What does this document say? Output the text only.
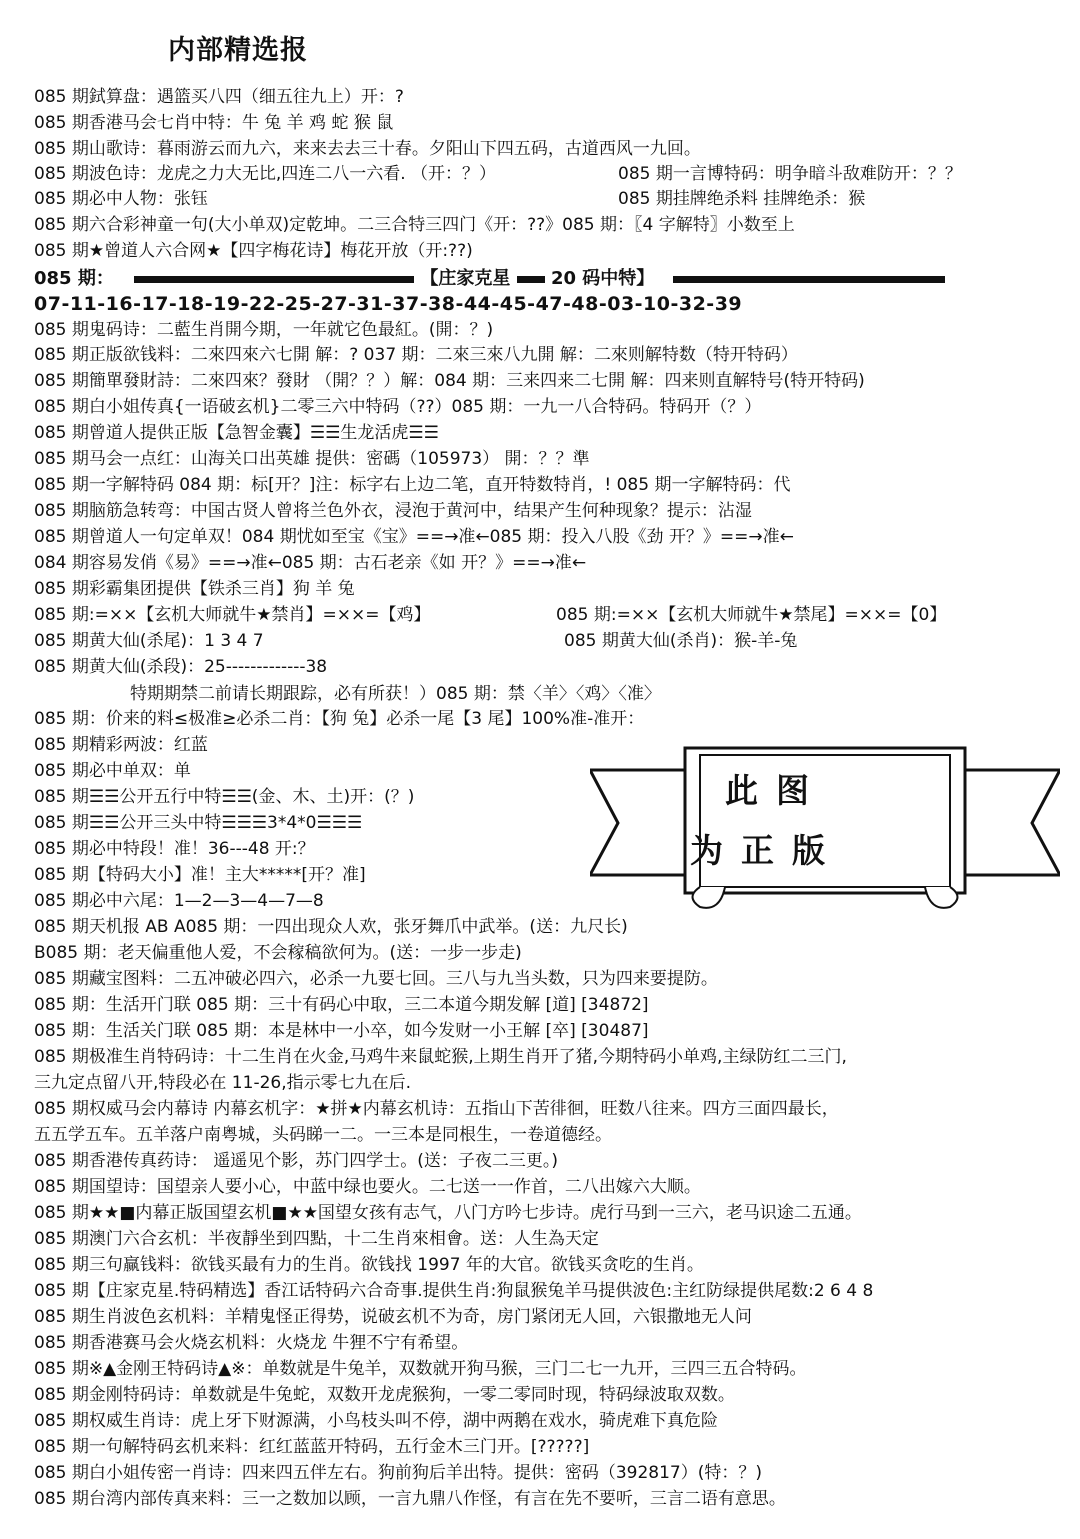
内部精选报
085 期鉽算盘：遇篮买八四（细五往九上）开：?
085 期香港马会七肖中特：牛 兔 羊 鸡 蛇 猴 鼠
085 期山歌诗：暮雨游云而九六，来来去去三十春。夕阳山下四五码，古道西风一九回。
085 期波色诗：龙虎之力大无比,四连二八一六看. （开：？）	085 期一言博特码：明争暗斗敌难防开：？？
085 期必中人物：张钰	085 期挂牌绝杀料 挂牌绝杀：猴
085 期六合彩神童一句(大小单双)定乾坤。二三合特三四门《开：??》085 期：〖4 字解特〗小数至上
085 期★曾道人六合网★【四字梅花诗】梅花开放（开:??)
085 期：	【庄家克星 20 码中特】
07-11-16-17-18-19-22-25-27-31-37-38-44-45-47-48-03-10-32-39
085 期鬼码诗：二藍生肖開今期，一年就它色最紅。(開：？)
085 期正版欲钱料：二來四來六七開 解：? 037 期：二來三來八九開 解：二來则解特数（特开特码）
085 期簡單發財詩：二來四來？發財 （開？？）解：084 期：三来四来二七開 解：四来则直解特号(特开特码)
085 期白小姐传真{一语破玄机}二零三六中特码（??）085 期：一九一八合特码。特码开（？）
085 期曾道人提供正版【急智金囊】☰☰生龙活虎☰☰
085 期马会一点红：山海关口出英雄 提供：密碼（105973） 開：？？準
085 期一字解特码 084 期：标[开？]注：标字右上边二笔，直开特数特肖，! 085 期一字解特码：代
085 期脑筋急转弯：中国古贤人曾将兰色外衣，浸泡于黄河中，结果产生何种现象？提示：沾湿
085 期曾道人一句定单双！084 期忧如至宝《宝》==→准←085 期：投入八股《劲 开？》==→准←
084 期容易发俏《易》==→准←085 期：古石老亲《如 开？》==→准←
085 期彩霸集团提供【铁杀三肖】狗 羊 兔
085 期:=××【玄机大师就牛★禁肖】=××=【鸡】	085 期:=××【玄机大师就牛★禁尾】=××=【0】
085 期黄大仙(杀尾)：1 3 4 7	085 期黄大仙(杀肖)：猴-羊-兔
085 期黄大仙(杀段)：25-------------38
特期期禁二前请长期跟踪，必有所获！）085 期：禁〈羊〉〈鸡〉〈准〉
085 期：价来的料≤极准≥必杀二肖：【狗 兔】必杀一尾【3 尾】100%准-准开：
085 期精彩两波：红蓝
085 期必中单双：单
085 期☰☰公开五行中特☰☰(金、木、土)开：(？)
085 期☰☰公开三头中特☰☰☰3*4*0☰☰☰
085 期必中特段！准！36---48 开:？
085 期【特码大小】准！主大*****[开？准]
085 期必中六尾：1—2—3—4—7—8
此图
为正版
085 期天机报 AB A085 期：一四出现众人欢，张牙舞爪中武举。(送：九尺长)
B085 期：老天偏重他人爱，不会稼稿欲何为。(送：一步一步走)
085 期藏宝图料：二五冲破必四六，必杀一九要七回。三八与九当头数，只为四来要提防。
085 期：生活开门联 085 期：三十有码心中取，三二本道今期发解 [道] [34872]
085 期：生活关门联 085 期：本是林中一小卒，如今发财一小王解 [卒] [30487]
085 期极准生肖特码诗：十二生肖在火金,马鸡牛来鼠蛇猴,上期生肖开了猪,今期特码小单鸡,主绿防红二三门,
三九定点留八开,特段必在 11-26,指示零七九在后.
085 期权威马会内幕诗 内幕玄机字：★拼★内幕玄机诗：五指山下苦徘徊，旺数八往来。四方三面四最长，
五五学五车。五羊落户南粤城，头码睇一二。一三本是同根生，一卷道德经。
085 期香港传真药诗： 遥遥见个影，苏门四学士。(送：子夜二三更。)
085 期国望诗：国望亲人要小心，中蓝中绿也要火。二七送一一作首，二八出嫁六大顺。
085 期★★■内幕正版国望玄机■★★国望女孩有志气，八门方吟七步诗。虎行马到一三六，老马识途二五通。
085 期澳门六合玄机：半夜靜坐到四點，十二生肖來相會。送：人生為天定
085 期三句赢钱料：欲钱买最有力的生肖。欲钱找 1997 年的大官。欲钱买贪吃的生肖。
085 期【庄家克星.特码精选】香江话特码六合奇事.提供生肖:狗鼠猴兔羊马提供波色:主红防绿提供尾数:2 6 4 8
085 期生肖波色玄机料：羊精鬼怪正得势，说破玄机不为奇，房门紧闭无人回，六银撒地无人问
085 期香港赛马会火烧玄机料：火烧龙 牛狸不宁有希望。
085 期※▲金刚王特码诗▲※：单数就是牛兔羊，双数就开狗马猴，三门二七一九开，三四三五合特码。
085 期金刚特码诗：单数就是牛兔蛇，双数开龙虎猴狗，一零二零同时现，特码绿波取双数。
085 期权威生肖诗：虎上牙下财源满，小鸟枝头叫不停，湖中两鹅在戏水，骑虎难下真危险
085 期一句解特码玄机来料：红红蓝蓝开特码，五行金木三门开。[?????]
085 期白小姐传密一肖诗：四来四五伴左右。狗前狗后羊出特。提供：密码（392817）(特：？)
085 期台湾内部传真来料：三一之数加以顾，一言九鼎八作怪，有言在先不要听，三言二语有意思。
